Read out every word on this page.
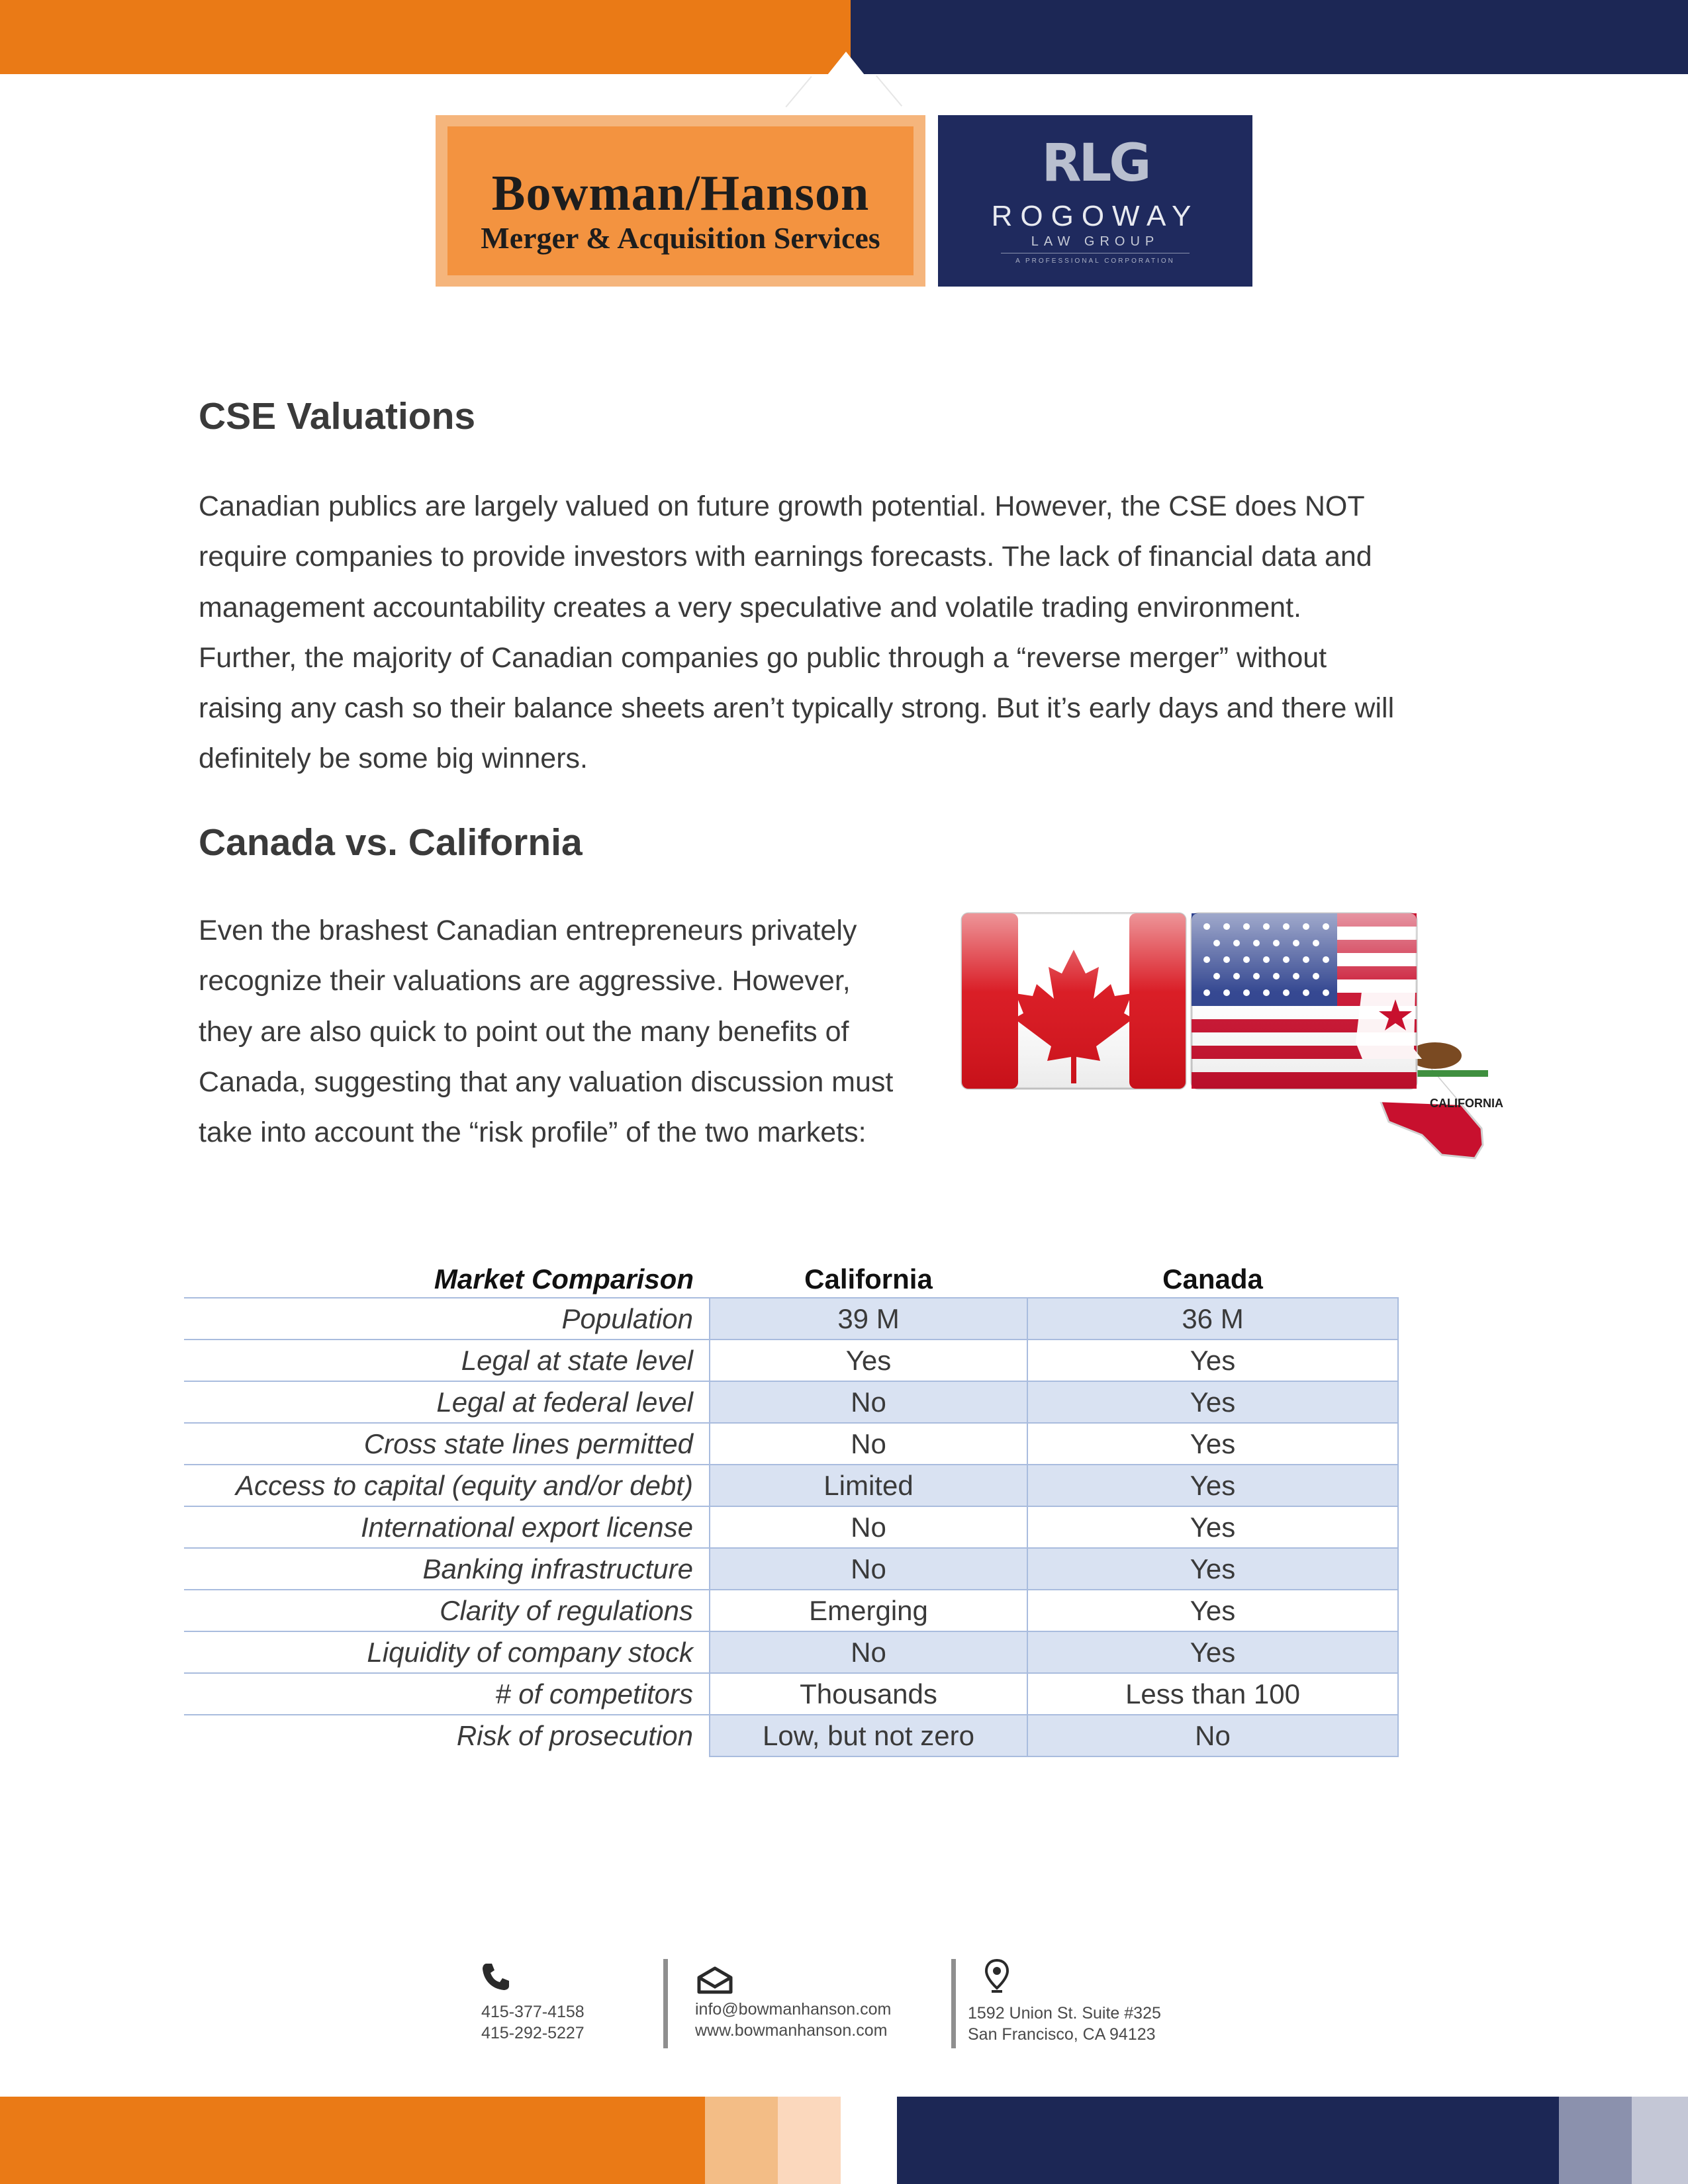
Bowman/Hanson
Merger & Acquisition Services
RLG
ROGOWAY
LAW GROUP
A PROFESSIONAL CORPORATION
CSE Valuations
Canadian publics are largely valued on future growth potential. However, the CSE does NOT
require companies to provide investors with earnings forecasts. The lack of financial data and
management accountability creates a very speculative and volatile trading environment.
Further, the majority of Canadian companies go public through a “reverse merger” without
raising any cash so their balance sheets aren’t typically strong. But it’s early days and there will
definitely be some big winners.
Canada vs. California
Even the brashest Canadian entrepreneurs privately
recognize their valuations are aggressive. However,
they are also quick to point out the many benefits of
Canada, suggesting that any valuation discussion must
take into account the “risk profile” of the two markets:
CALIFORNIA
Market Comparison	California	Canada
Population	39 M	36 M
Legal at state level	Yes	Yes
Legal at federal level	No	Yes
Cross state lines permitted	No	Yes
Access to capital (equity and/or debt)	Limited	Yes
International export license	No	Yes
Banking infrastructure	No	Yes
Clarity of regulations	Emerging	Yes
Liquidity of company stock	No	Yes
# of competitors	Thousands	Less than 100
Risk of prosecution	Low, but not zero	No
415-377-4158
415-292-5227
info@bowmanhanson.com
www.bowmanhanson.com
1592 Union St. Suite #325
San Francisco, CA 94123
